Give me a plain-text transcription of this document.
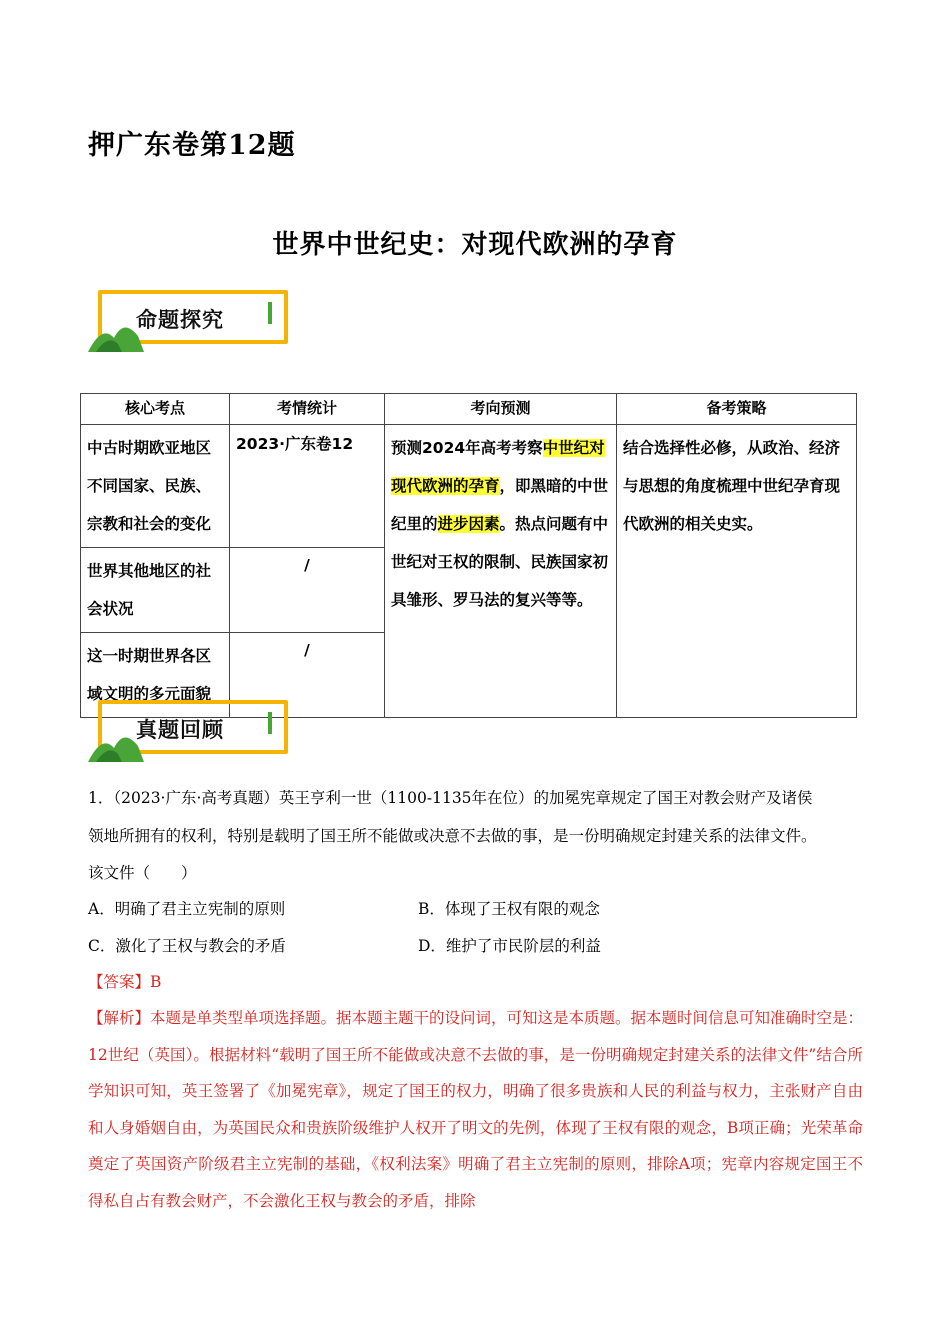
押广东卷第12题
世界中世纪史：对现代欧洲的孕育
命题探究
核心考点	考情统计	考向预测	备考策略
中古时期欧亚地区不同国家、民族、宗教和社会的变化	2023·广东卷12	预测2024年高考考察中世纪对现代欧洲的孕育，即黑暗的中世纪里的进步因素。热点问题有中世纪对王权的限制、民族国家初具雏形、罗马法的复兴等等。	结合选择性必修，从政治、经济与思想的角度梳理中世纪孕育现代欧洲的相关史实。
世界其他地区的社会状况	/		
这一时期世界各区域文明的多元面貌	/		
真题回顾
1．（2023·广东·高考真题）英王亨利一世（1100-1135年在位）的加冕宪章规定了国王对教会财产及诸侯
领地所拥有的权利，特别是载明了国王所不能做或决意不去做的事，是一份明确规定封建关系的法律文件。
该文件（　　）
A．明确了君主立宪制的原则	B．体现了王权有限的观念
C．激化了王权与教会的矛盾	D．维护了市民阶层的利益
【答案】B
【解析】本题是单类型单项选择题。据本题主题干的设问词，可知这是本质题。据本题时间信息可知准确时空是：12世纪（英国）。根据材料“载明了国王所不能做或决意不去做的事，是一份明确规定封建关系的法律文件”结合所学知识可知，英王签署了《加冕宪章》，规定了国王的权力，明确了很多贵族和人民的利益与权力，主张财产自由和人身婚姻自由，为英国民众和贵族阶级维护人权开了明文的先例，体现了王权有限的观念，B项正确；光荣革命奠定了英国资产阶级君主立宪制的基础，《权利法案》明确了君主立宪制的原则，排除A项；宪章内容规定国王不得私自占有教会财产，不会激化王权与教会的矛盾，排除
